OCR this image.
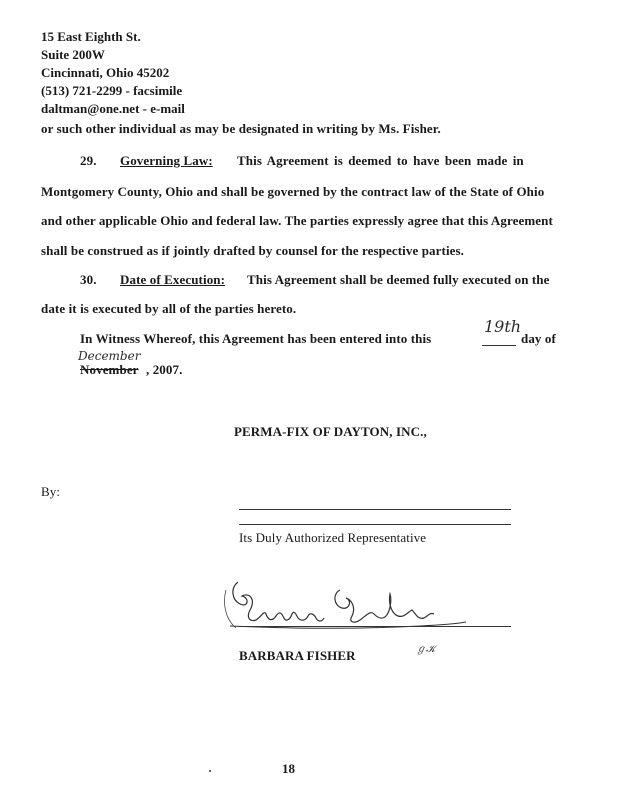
15 East Eighth St.
Suite 200W
Cincinnati, Ohio 45202
(513) 721-2299 - facsimile
daltman@one.net - e-mail
or such other individual as may be designated in writing by Ms. Fisher.
29. Governing Law: This Agreement is deemed to have been made in
Montgomery County, Ohio and shall be governed by the contract law of the State of Ohio
and other applicable Ohio and federal law. The parties expressly agree that this Agreement
shall be construed as if jointly drafted by counsel for the respective parties.
30. Date of Execution: This Agreement shall be deemed fully executed on the
date it is executed by all of the parties hereto.
In Witness Whereof, this Agreement has been entered into this
19th
day of
December
November , 2007.
PERMA-FIX OF DAYTON, INC.,
By:
Its Duly Authorized Representative
ℊ𝒦
BARBARA FISHER
18
